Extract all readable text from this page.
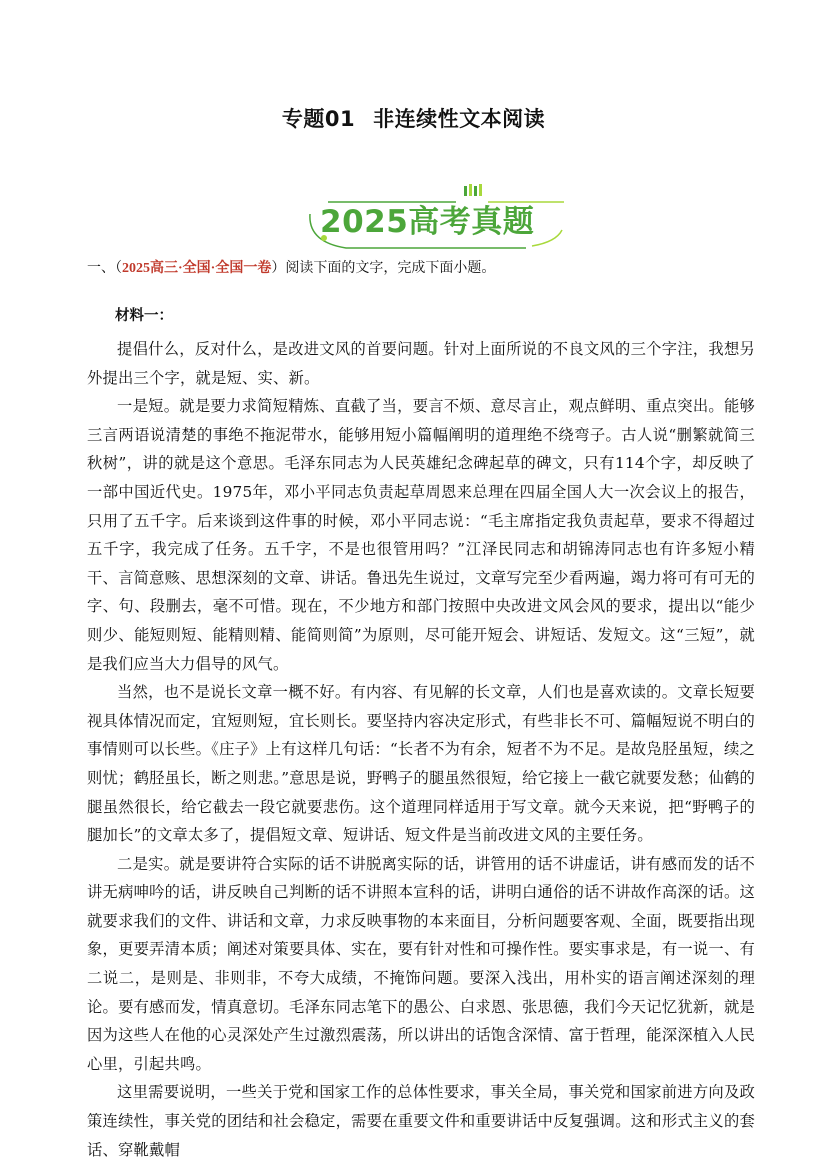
专题01 非连续性文本阅读
2025高考真题
一、（2025高三·全国·全国一卷）阅读下面的文字，完成下面小题。
材料一：

提倡什么，反对什么，是改进文风的首要问题。针对上面所说的不良文风的三个字注，我想另外提出三个字，就是短、实、新。

一是短。就是要力求简短精炼、直截了当，要言不烦、意尽言止，观点鲜明、重点突出。能够三言两语说清楚的事绝不拖泥带水，能够用短小篇幅阐明的道理绝不绕弯子。古人说“删繁就简三秋树”，讲的就是这个意思。毛泽东同志为人民英雄纪念碑起草的碑文，只有114个字，却反映了一部中国近代史。1975年，邓小平同志负责起草周恩来总理在四届全国人大一次会议上的报告，只用了五千字。后来谈到这件事的时候，邓小平同志说：“毛主席指定我负责起草，要求不得超过五千字，我完成了任务。五千字，不是也很管用吗？”江泽民同志和胡锦涛同志也有许多短小精干、言简意赅、思想深刻的文章、讲话。鲁迅先生说过，文章写完至少看两遍，竭力将可有可无的字、句、段删去，毫不可惜。现在，不少地方和部门按照中央改进文风会风的要求，提出以“能少则少、能短则短、能精则精、能简则简”为原则，尽可能开短会、讲短话、发短文。这“三短”，就是我们应当大力倡导的风气。

当然，也不是说长文章一概不好。有内容、有见解的长文章，人们也是喜欢读的。文章长短要视具体情况而定，宜短则短，宜长则长。要坚持内容决定形式，有些非长不可、篇幅短说不明白的事情则可以长些。《庄子》上有这样几句话：“长者不为有余，短者不为不足。是故凫胫虽短，续之则忧；鹤胫虽长，断之则悲。”意思是说，野鸭子的腿虽然很短，给它接上一截它就要发愁；仙鹤的腿虽然很长，给它截去一段它就要悲伤。这个道理同样适用于写文章。就今天来说，把“野鸭子的腿加长”的文章太多了，提倡短文章、短讲话、短文件是当前改进文风的主要任务。

二是实。就是要讲符合实际的话不讲脱离实际的话，讲管用的话不讲虚话，讲有感而发的话不讲无病呻吟的话，讲反映自己判断的话不讲照本宣科的话，讲明白通俗的话不讲故作高深的话。这就要求我们的文件、讲话和文章，力求反映事物的本来面目，分析问题要客观、全面，既要指出现象，更要弄清本质；阐述对策要具体、实在，要有针对性和可操作性。要实事求是，有一说一、有二说二，是则是、非则非，不夸大成绩，不掩饰问题。要深入浅出，用朴实的语言阐述深刻的理论。要有感而发，情真意切。毛泽东同志笔下的愚公、白求恩、张思德，我们今天记忆犹新，就是因为这些人在他的心灵深处产生过激烈震荡，所以讲出的话饱含深情、富于哲理，能深深植入人民心里，引起共鸣。

这里需要说明，一些关于党和国家工作的总体性要求，事关全局，事关党和国家前进方向及政策连续性，事关党的团结和社会稳定，需要在重要文件和重要讲话中反复强调。这和形式主义的套话、穿靴戴帽
